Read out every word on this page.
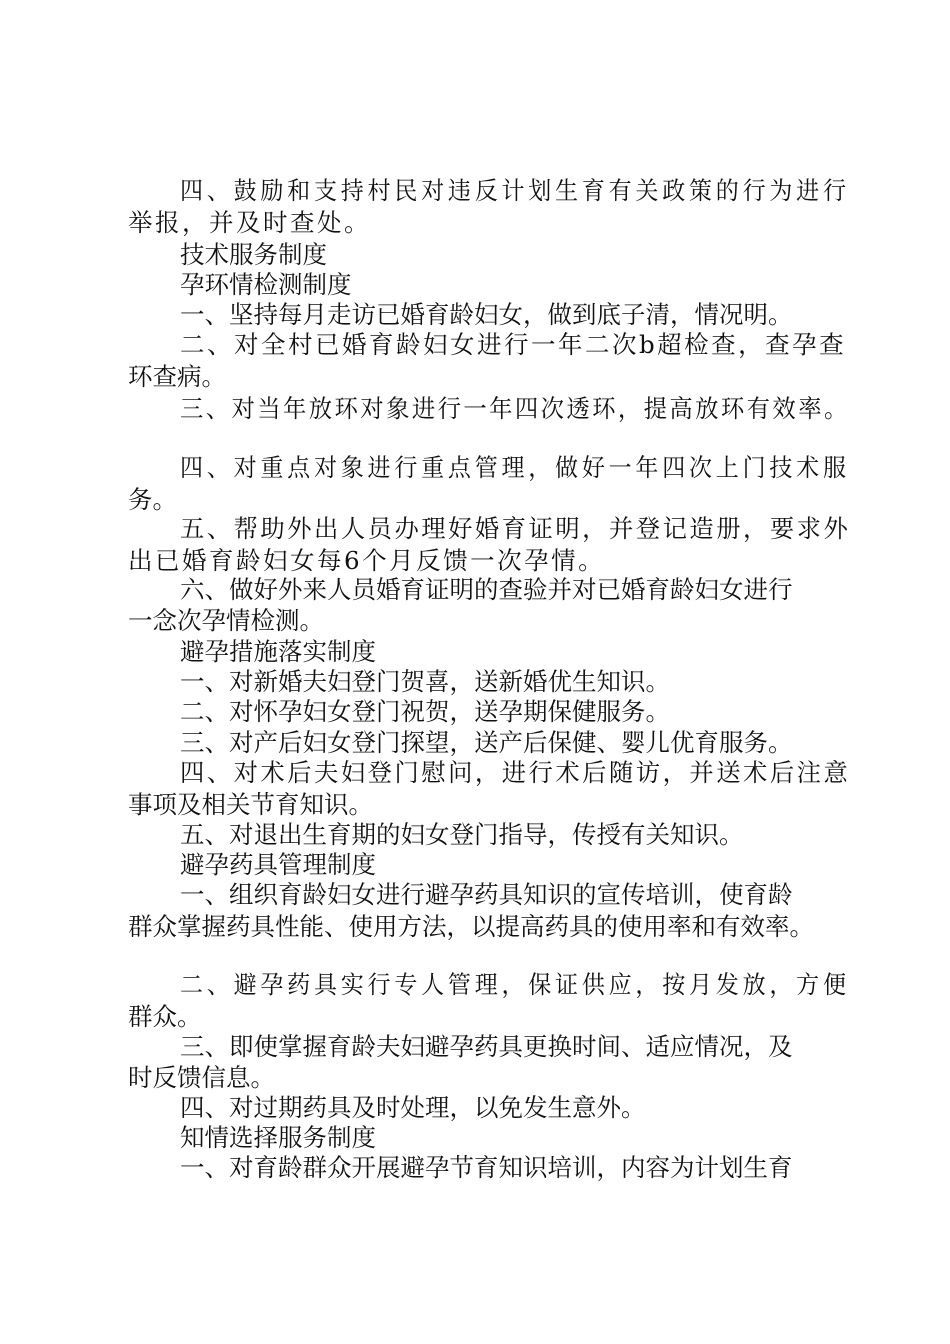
四、鼓励和支持村民对违反计划生育有关政策的行为进行
举报，并及时查处。
技术服务制度
孕环情检测制度
一、坚持每月走访已婚育龄妇女，做到底子清，情况明。
二、对全村已婚育龄妇女进行一年二次b超检查，查孕查
环查病。
三、对当年放环对象进行一年四次透环，提高放环有效率。
四、对重点对象进行重点管理，做好一年四次上门技术服
务。
五、帮助外出人员办理好婚育证明，并登记造册，要求外
出已婚育龄妇女每6个月反馈一次孕情。
六、做好外来人员婚育证明的查验并对已婚育龄妇女进行
一念次孕情检测。
避孕措施落实制度
一、对新婚夫妇登门贺喜，送新婚优生知识。
二、对怀孕妇女登门祝贺，送孕期保健服务。
三、对产后妇女登门探望，送产后保健、婴儿优育服务。
四、对术后夫妇登门慰问，进行术后随访，并送术后注意
事项及相关节育知识。
五、对退出生育期的妇女登门指导，传授有关知识。
避孕药具管理制度
一、组织育龄妇女进行避孕药具知识的宣传培训，使育龄
群众掌握药具性能、使用方法，以提高药具的使用率和有效率。
二、避孕药具实行专人管理，保证供应，按月发放，方便
群众。
三、即使掌握育龄夫妇避孕药具更换时间、适应情况，及
时反馈信息。
四、对过期药具及时处理，以免发生意外。
知情选择服务制度
一、对育龄群众开展避孕节育知识培训，内容为计划生育
